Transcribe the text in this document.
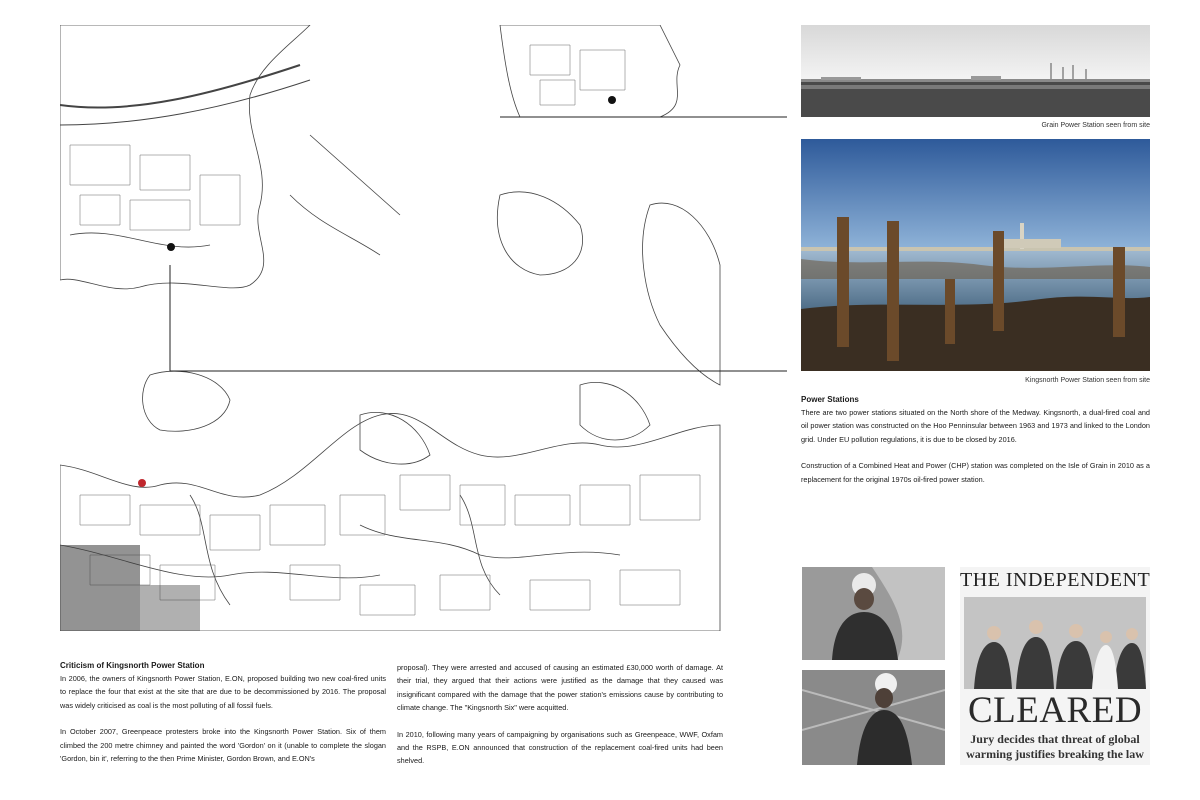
Grain Power Station seen from site
Kingsnorth Power Station seen from site
Power Stations

There are two power stations situated on the North shore of the Medway. Kingsnorth, a dual-fired coal and oil power station was constructed on the Hoo Penninsular between 1963 and 1973 and linked to the London grid. Under EU pollution regulations, it is due to be closed by 2016.

Construction of a Combined Heat and Power (CHP) station was completed on the Isle of Grain in 2010 as a replacement for the original 1970s oil-fired power station.

THE INDEPENDENT
CLEARED
Jury decides that threat of global
warming justifies breaking the law
Criticism of Kingsnorth Power Station

In 2006, the owners of Kingsnorth Power Station, E.ON, proposed building two new coal-fired units to replace the four that exist at the site that are due to be decommissioned by 2016. The proposal was widely criticised as coal is the most polluting of all fossil fuels.

In October 2007, Greenpeace protesters broke into the Kingsnorth Power Station. Six of them climbed the 200 metre chimney and painted the word 'Gordon' on it (unable to complete the slogan 'Gordon, bin it', referring to the then Prime Minister, Gordon Brown, and E.ON's

proposal). They were arrested and accused of causing an estimated £30,000 worth of damage. At their trial, they argued that their actions were justified as the damage that they caused was insignificant compared with the damage that the power station's emissions cause by contributing to climate change. The "Kingsnorth Six" were acquitted.

In 2010, following many years of campaigning by organisations such as Greenpeace, WWF, Oxfam and the RSPB, E.ON announced that construction of the replacement coal-fired units had been shelved.
